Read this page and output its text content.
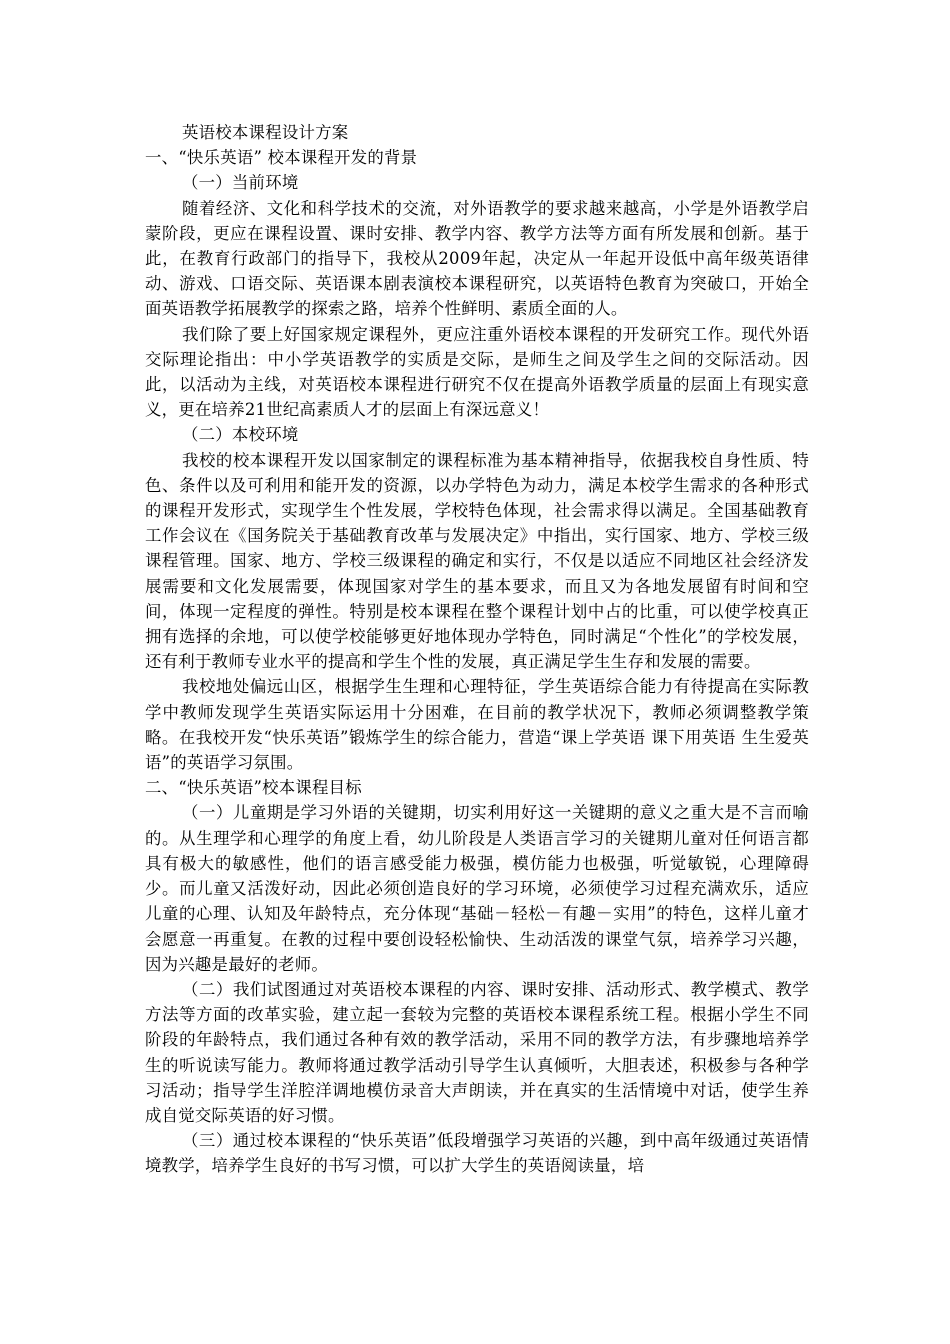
英语校本课程设计方案

一、“快乐英语” 校本课程开发的背景

（一）当前环境

随着经济、文化和科学技术的交流，对外语教学的要求越来越高，小学是外语教学启蒙阶段，更应在课程设置、课时安排、教学内容、教学方法等方面有所发展和创新。基于此，在教育行政部门的指导下，我校从2009年起，决定从一年起开设低中高年级英语律动、游戏、口语交际、英语课本剧表演校本课程研究，以英语特色教育为突破口，开始全面英语教学拓展教学的探索之路，培养个性鲜明、素质全面的人。

我们除了要上好国家规定课程外，更应注重外语校本课程的开发研究工作。现代外语交际理论指出：中小学英语教学的实质是交际，是师生之间及学生之间的交际活动。因此，以活动为主线，对英语校本课程进行研究不仅在提高外语教学质量的层面上有现实意义，更在培养21世纪高素质人才的层面上有深远意义！

（二）本校环境

我校的校本课程开发以国家制定的课程标准为基本精神指导，依据我校自身性质、特色、条件以及可利用和能开发的资源，以办学特色为动力，满足本校学生需求的各种形式的课程开发形式，实现学生个性发展，学校特色体现，社会需求得以满足。全国基础教育工作会议在《国务院关于基础教育改革与发展决定》中指出，实行国家、地方、学校三级课程管理。国家、地方、学校三级课程的确定和实行，不仅是以适应不同地区社会经济发展需要和文化发展需要，体现国家对学生的基本要求，而且又为各地发展留有时间和空间，体现一定程度的弹性。特别是校本课程在整个课程计划中占的比重，可以使学校真正拥有选择的余地，可以使学校能够更好地体现办学特色，同时满足“个性化”的学校发展，还有利于教师专业水平的提高和学生个性的发展，真正满足学生生存和发展的需要。

我校地处偏远山区，根据学生生理和心理特征，学生英语综合能力有待提高在实际教学中教师发现学生英语实际运用十分困难，在目前的教学状况下，教师必须调整教学策略。在我校开发“快乐英语”锻炼学生的综合能力，营造“课上学英语 课下用英语 生生爱英语”的英语学习氛围。

二、“快乐英语”校本课程目标

（一）儿童期是学习外语的关键期，切实利用好这一关键期的意义之重大是不言而喻的。从生理学和心理学的角度上看，幼儿阶段是人类语言学习的关键期儿童对任何语言都具有极大的敏感性，他们的语言感受能力极强，模仿能力也极强，听觉敏锐，心理障碍少。而儿童又活泼好动，因此必须创造良好的学习环境，必须使学习过程充满欢乐，适应儿童的心理、认知及年龄特点，充分体现“基础－轻松－有趣－实用”的特色，这样儿童才会愿意一再重复。在教的过程中要创设轻松愉快、生动活泼的课堂气氛，培养学习兴趣，因为兴趣是最好的老师。

（二）我们试图通过对英语校本课程的内容、课时安排、活动形式、教学模式、教学方法等方面的改革实验，建立起一套较为完整的英语校本课程系统工程。根据小学生不同阶段的年龄特点，我们通过各种有效的教学活动，采用不同的教学方法，有步骤地培养学生的听说读写能力。教师将通过教学活动引导学生认真倾听，大胆表述，积极参与各种学习活动；指导学生洋腔洋调地模仿录音大声朗读，并在真实的生活情境中对话，使学生养成自觉交际英语的好习惯。

（三）通过校本课程的“快乐英语”低段增强学习英语的兴趣，到中高年级通过英语情境教学，培养学生良好的书写习惯，可以扩大学生的英语阅读量，培
